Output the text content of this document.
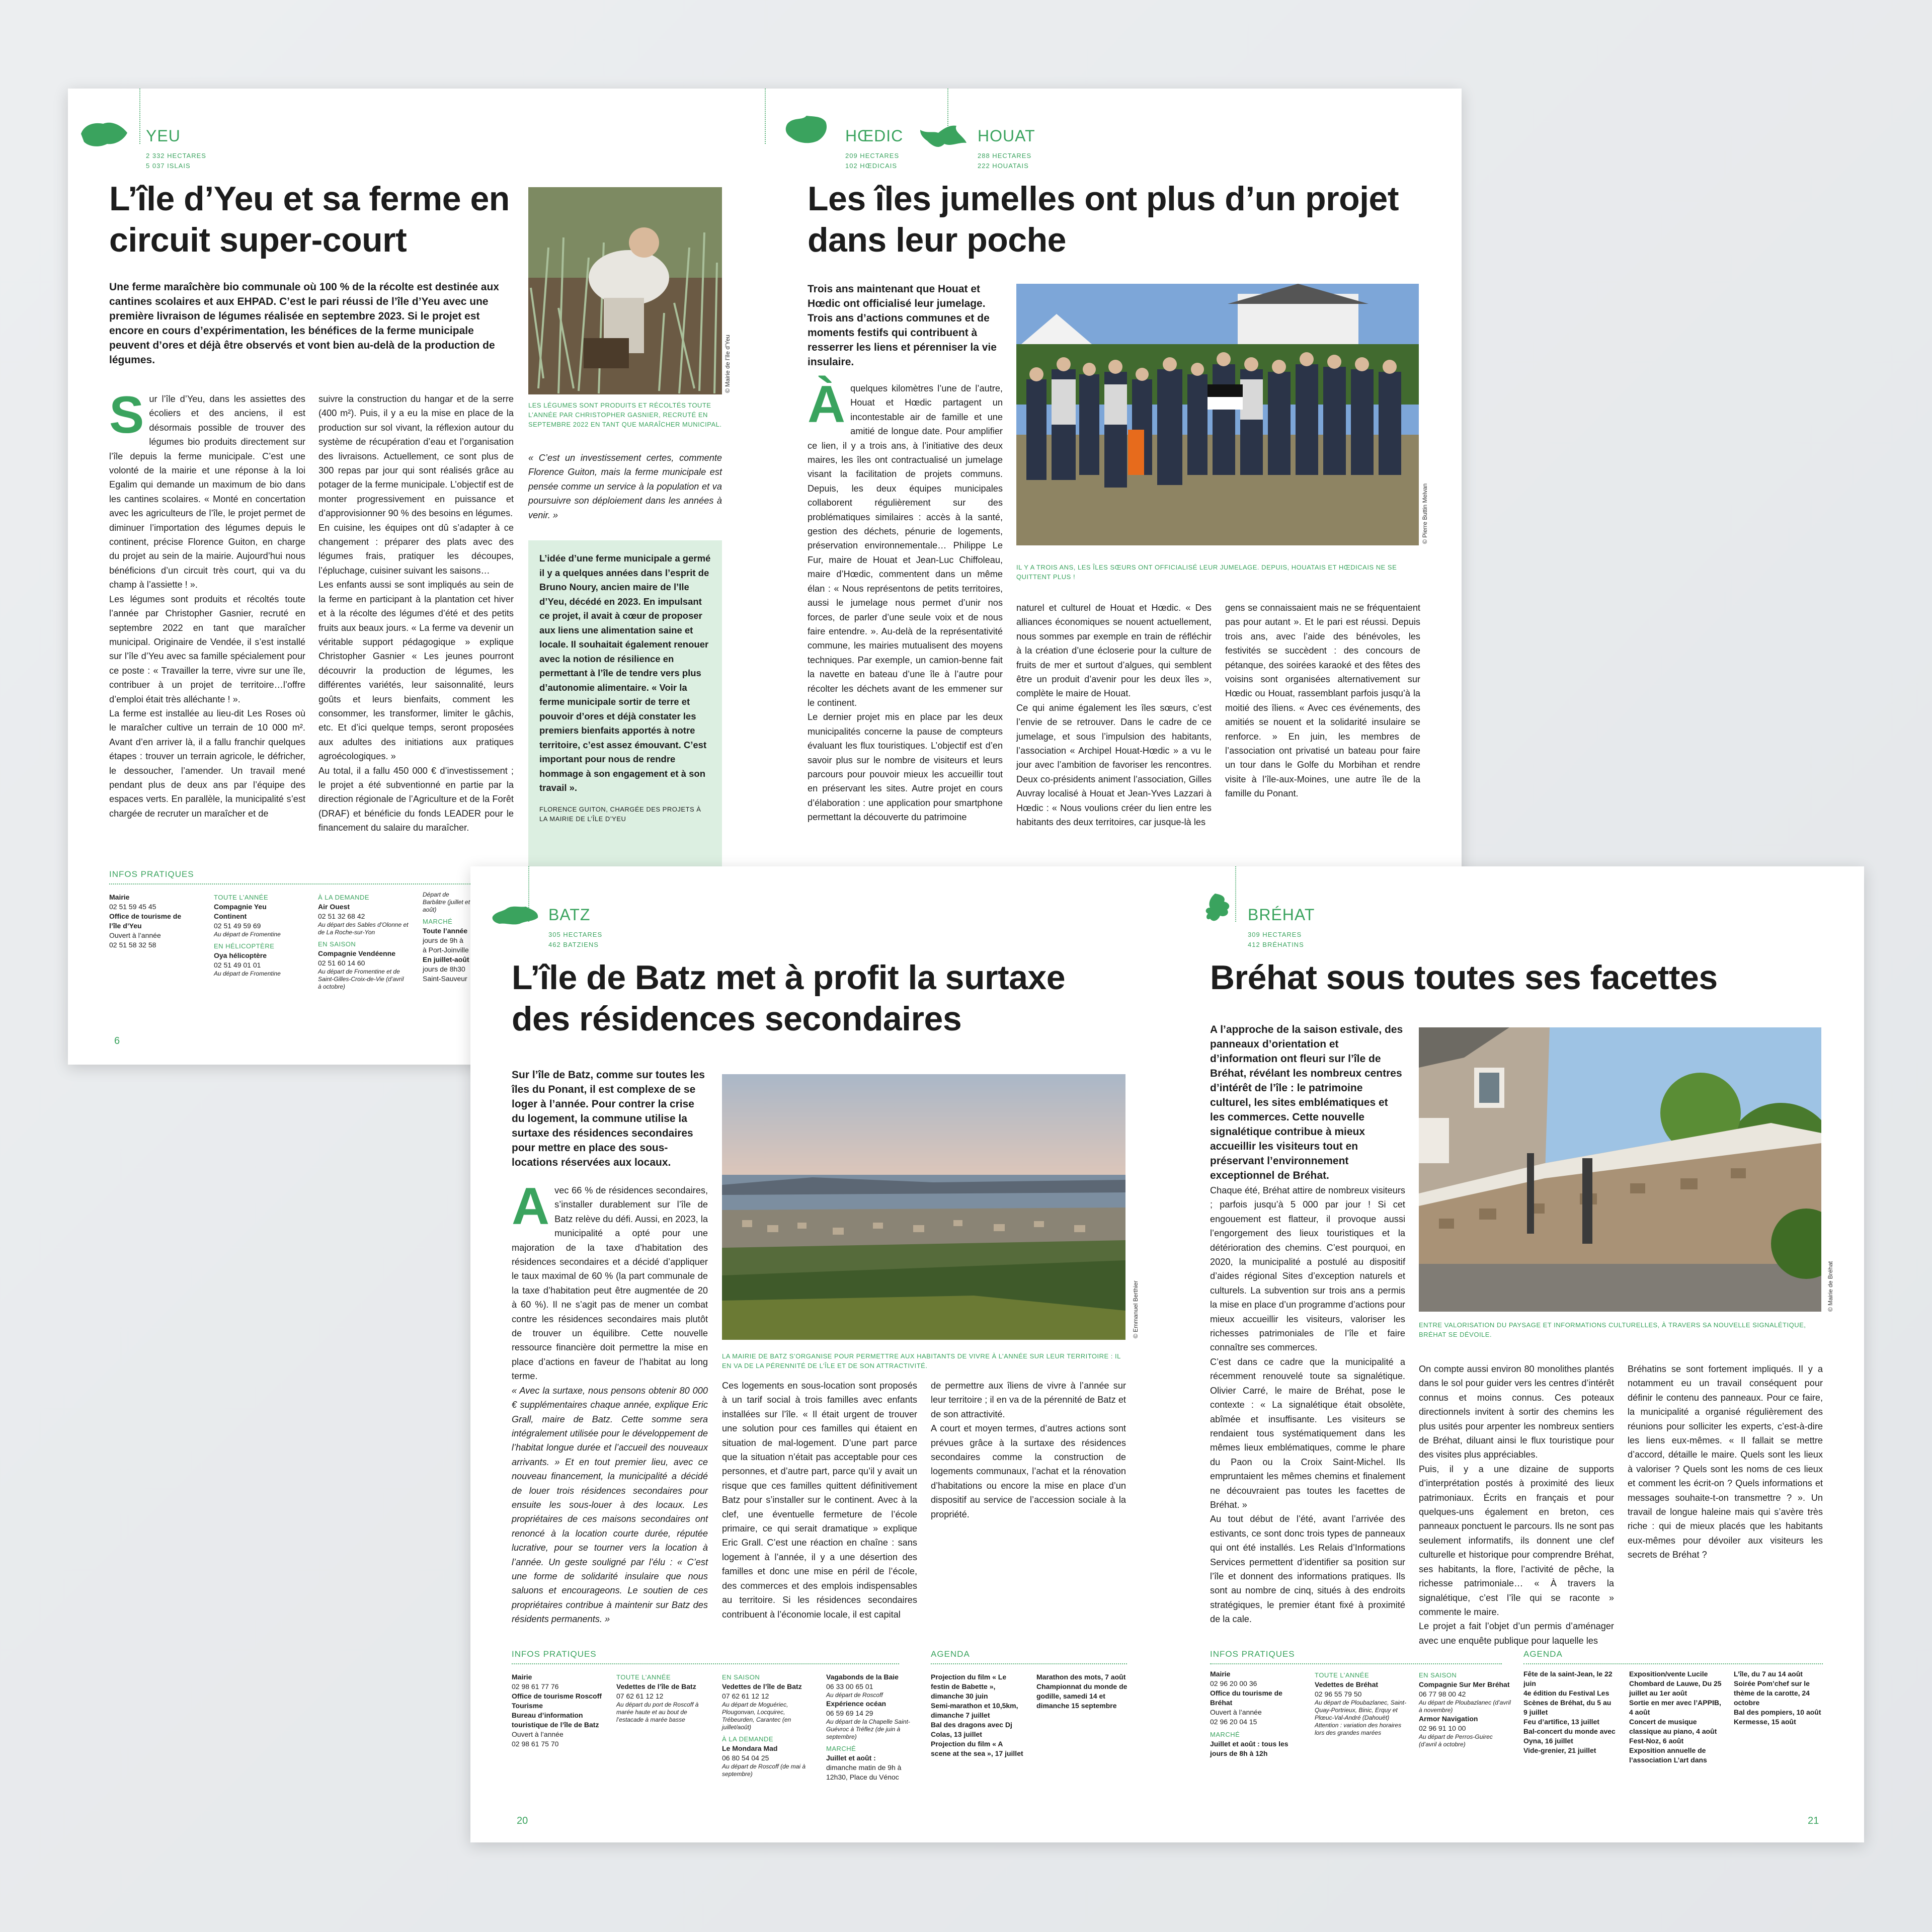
YEU
2 332 HECTARES
5 037 ISLAIS
L’île d’Yeu et sa ferme en circuit super-court
Une ferme maraîchère bio communale où 100 % de la récolte est destinée aux cantines scolaires et aux EHPAD. C’est le pari réussi de l’île d’Yeu avec une première livraison de légumes réalisée en septembre 2023. Si le projet est encore en cours d’expérimentation, les bénéfices de la ferme municipale peuvent d’ores et déjà être observés et vont bien au-delà de la production de légumes.
S ur l’île d’Yeu, dans les assiettes des écoliers et des anciens, il est désormais possible de trouver des légumes bio produits directement sur l’île depuis la ferme municipale. C’est une volonté de la mairie et une réponse à la loi Egalim qui demande un maximum de bio dans les cantines scolaires. « Monté en concertation avec les agriculteurs de l’île, le projet permet de diminuer l’importation des légumes depuis le continent, précise Florence Guiton, en charge du projet au sein de la mairie. Aujourd’hui nous bénéficions d’un circuit très court, qui va du champ à l’assiette ! ».

Les légumes sont produits et récoltés toute l’année par Christopher Gasnier, recruté en septembre 2022 en tant que maraîcher municipal. Originaire de Vendée, il s’est installé sur l’île d’Yeu avec sa famille spécialement pour ce poste : « Travailler la terre, vivre sur une île, contribuer à un projet de territoire…l’offre d’emploi était très alléchante ! ».

La ferme est installée au lieu-dit Les Roses où le maraîcher cultive un terrain de 10 000 m². Avant d’en arriver là, il a fallu franchir quelques étapes : trouver un terrain agricole, le défricher, le dessoucher, l’amender. Un travail mené pendant plus de deux ans par l’équipe des espaces verts. En parallèle, la municipalité s’est chargée de recruter un maraîcher et de

suivre la construction du hangar et de la serre (400 m²). Puis, il y a eu la mise en place de la production sur sol vivant, la réflexion autour du système de récupération d’eau et l’organisation des livraisons. Actuellement, ce sont plus de 300 repas par jour qui sont réalisés grâce au potager de la ferme municipale. L’objectif est de monter progressivement en puissance et d’approvisionner 90 % des besoins en légumes.

En cuisine, les équipes ont dû s’adapter à ce changement : préparer des plats avec des légumes frais, pratiquer les découpes, l’épluchage, cuisiner suivant les saisons…

Les enfants aussi se sont impliqués au sein de la ferme en participant à la plantation cet hiver et à la récolte des légumes d’été et des petits fruits aux beaux jours. « La ferme va devenir un véritable support pédagogique » explique Christopher Gasnier « Les jeunes pourront découvrir la production de légumes, les différentes variétés, leur saisonnalité, leurs goûts et leurs bienfaits, comment les consommer, les transformer, limiter le gâchis, etc. Et d’ici quelque temps, seront proposées aux adultes des initiations aux pratiques agroécologiques. »

Au total, il a fallu 450 000 € d’investissement ; le projet a été subventionné en partie par la direction régionale de l’Agriculture et de la Forêt (DRAF) et bénéficie du fonds LEADER pour le financement du salaire du maraîcher.

© Mairie de l’île d’Yeu
LES LÉGUMES SONT PRODUITS ET RÉCOLTÉS TOUTE L’ANNÉE PAR CHRISTOPHER GASNIER, RECRUTÉ EN SEPTEMBRE 2022 EN TANT QUE MARAÎCHER MUNICIPAL.
« C’est un investissement certes, commente Florence Guiton, mais la ferme municipale est pensée comme un service à la population et va poursuivre son déploiement dans les années à venir. »
L’idée d’une ferme municipale a germé il y a quelques années dans l’esprit de Bruno Noury, ancien maire de l’Ile d’Yeu, décédé en 2023. En impulsant ce projet, il avait à cœur de proposer aux liens une alimentation saine et locale. Il souhaitait également renouer avec la notion de résilience en permettant à l’île de tendre vers plus d’autonomie alimentaire. « Voir la ferme municipale sortir de terre et pouvoir d’ores et déjà constater les premiers bienfaits apportés à notre territoire, c’est assez émouvant. C’est important pour nous de rendre hommage à son engagement et à son travail ».
FLORENCE GUITON, CHARGÉE DES PROJETS À LA MAIRIE DE L’ÎLE D’YEU
INFOS PRATIQUES
Mairie
02 51 59 45 45
Office de tourisme de l’île d’Yeu
Ouvert à l’année
02 51 58 32 58
TOUTE L’ANNÉE
Compagnie Yeu Continent
02 51 49 59 69
Au départ de Fromentine
EN HÉLICOPTÈRE
Oya hélicoptère
02 51 49 01 01
Au départ de Fromentine
À LA DEMANDE
Air Ouest
02 51 32 68 42
Au départ des Sables d’Olonne et de La Roche-sur-Yon
EN SAISON
Compagnie Vendéenne
02 51 60 14 60
Au départ de Fromentine et de Saint-Gilles-Croix-de-Vie (d’avril à octobre)
Départ de Barbâtre (juillet et août)
MARCHÉ
Toute l’année
jours de 9h à
à Port-Joinville
En juillet-août
jours de 8h30
Saint-Sauveur
6
HŒDIC
209 HECTARES
102 HŒDICAIS
HOUAT
288 HECTARES
222 HOUATAIS
Les îles jumelles ont plus d’un projet dans leur poche
Trois ans maintenant que Houat et Hœdic ont officialisé leur jumelage. Trois ans d’actions communes et de moments festifs qui contribuent à resserrer les liens et pérenniser la vie insulaire.
© Pierre Buttin Melvan
IL Y A TROIS ANS, LES ÎLES SŒURS ONT OFFICIALISÉ LEUR JUMELAGE. DEPUIS, HOUATAIS ET HŒDICAIS NE SE QUITTENT PLUS !
À quelques kilomètres l’une de l’autre, Houat et Hœdic partagent un incontestable air de famille et une amitié de longue date. Pour amplifier ce lien, il y a trois ans, à l’initiative des deux maires, les îles ont contractualisé un jumelage visant la facilitation de projets communs. Depuis, les deux équipes municipales collaborent régulièrement sur des problématiques similaires : accès à la santé, gestion des déchets, pénurie de logements, préservation environnementale… Philippe Le Fur, maire de Houat et Jean-Luc Chiffoleau, maire d’Hœdic, commentent dans un même élan : « Nous représentons de petits territoires, aussi le jumelage nous permet d’unir nos forces, de parler d’une seule voix et de nous faire entendre. ». Au-delà de la représentativité commune, les mairies mutualisent des moyens techniques. Par exemple, un camion-benne fait la navette en bateau d’une île à l’autre pour récolter les déchets avant de les emmener sur le continent.

Le dernier projet mis en place par les deux municipalités concerne la pause de compteurs évaluant les flux touristiques. L’objectif est d’en savoir plus sur le nombre de visiteurs et leurs parcours pour pouvoir mieux les accueillir tout en préservant les sites. Autre projet en cours d’élaboration : une application pour smartphone permettant la découverte du patrimoine

naturel et culturel de Houat et Hœdic. « Des alliances économiques se nouent actuellement, nous sommes par exemple en train de réfléchir à la création d’une écloserie pour la culture de fruits de mer et surtout d’algues, qui semblent être un produit d’avenir pour les deux îles », complète le maire de Houat.

Ce qui anime également les îles sœurs, c’est l’envie de se retrouver. Dans le cadre de ce jumelage, et sous l’impulsion des habitants, l’association « Archipel Houat-Hœdic » a vu le jour avec l’ambition de favoriser les rencontres. Deux co-présidents animent l’association, Gilles Auvray localisé à Houat et Jean-Yves Lazzari à Hœdic : « Nous voulions créer du lien entre les habitants des deux territoires, car jusque-là les

gens se connaissaient mais ne se fréquentaient pas pour autant ». Et le pari est réussi. Depuis trois ans, avec l’aide des bénévoles, les festivités se succèdent : des concours de pétanque, des soirées karaoké et des fêtes des voisins sont organisées alternativement sur Hœdic ou Houat, rassemblant parfois jusqu’à la moitié des îliens. « Avec ces événements, des amitiés se nouent et la solidarité insulaire se renforce. » En juin, les membres de l’association ont privatisé un bateau pour faire un tour dans le Golfe du Morbihan et rendre visite à l’île-aux-Moines, une autre île de la famille du Ponant.
BATZ
305 HECTARES
462 BATZIENS
L’île de Batz met à profit la surtaxe des résidences secondaires
Sur l’île de Batz, comme sur toutes les îles du Ponant, il est complexe de se loger à l’année. Pour contrer la crise du logement, la commune utilise la surtaxe des résidences secondaires pour mettre en place des sous-locations réservées aux locaux.
© Emmanuel Berthier
LA MAIRIE DE BATZ S’ORGANISE POUR PERMETTRE AUX HABITANTS DE VIVRE À L’ANNÉE SUR LEUR TERRITOIRE : IL EN VA DE LA PÉRENNITÉ DE L’ÎLE ET DE SON ATTRACTIVITÉ.
A vec 66 % de résidences secondaires, s’installer durablement sur l’île de Batz relève du défi. Aussi, en 2023, la municipalité a opté pour une majoration de la taxe d’habitation des résidences secondaires et a décidé d’appliquer le taux maximal de 60 % (la part communale de la taxe d’habitation peut être augmentée de 20 à 60 %). Il ne s’agit pas de mener un combat contre les résidences secondaires mais plutôt de trouver un équilibre. Cette nouvelle ressource financière doit permettre la mise en place d’actions en faveur de l’habitat au long terme.

« Avec la surtaxe, nous pensons obtenir 80 000 € supplémentaires chaque année, explique Eric Grall, maire de Batz. Cette somme sera intégralement utilisée pour le développement de l’habitat longue durée et l’accueil des nouveaux arrivants. » Et en tout premier lieu, avec ce nouveau financement, la municipalité a décidé de louer trois résidences secondaires pour ensuite les sous-louer à des locaux. Les propriétaires de ces maisons secondaires ont renoncé à la location courte durée, réputée lucrative, pour se tourner vers la location à l’année. Un geste souligné par l’élu : « C’est une forme de solidarité insulaire que nous saluons et encourageons. Le soutien de ces propriétaires contribue à maintenir sur Batz des résidents permanents. »

Ces logements en sous-location sont proposés à un tarif social à trois familles avec enfants installées sur l’île. « Il était urgent de trouver une solution pour ces familles qui étaient en situation de mal-logement. D’une part parce que la situation n’était pas acceptable pour ces personnes, et d’autre part, parce qu’il y avait un risque que ces familles quittent définitivement Batz pour s’installer sur le continent. Avec à la clef, une éventuelle fermeture de l’école primaire, ce qui serait dramatique » explique Eric Grall. C’est une réaction en chaîne : sans logement à l’année, il y a une désertion des familles et donc une mise en péril de l’école, des commerces et des emplois indispensables au territoire. Si les résidences secondaires contribuent à l’économie locale, il est capital

de permettre aux îliens de vivre à l’année sur leur territoire ; il en va de la pérennité de Batz et de son attractivité.

A court et moyen termes, d’autres actions sont prévues grâce à la surtaxe des résidences secondaires comme la construction de logements communaux, l’achat et la rénovation d’habitations ou encore la mise en place d’un dispositif au service de l’accession sociale à la propriété.

INFOS PRATIQUES	AGENDA
Mairie
02 98 61 77 76
Office de tourisme Roscoff Tourisme
Bureau d’information touristique de l’île de Batz
Ouvert à l’année
02 98 61 75 70
TOUTE L’ANNÉE
Vedettes de l’île de Batz
07 62 61 12 12
Au départ du port de Roscoff à marée haute et au bout de l’estacade à marée basse
EN SAISON
Vedettes de l’île de Batz
07 62 61 12 12
Au départ de Moguériec, Plougonvan, Locquirec, Trébeurden, Carantec (en juillet/août)
À LA DEMANDE
Le Mondara Mad
06 80 54 04 25
Au départ de Roscoff (de mai à septembre)
Vagabonds de la Baie
06 33 00 65 01
Au départ de Roscoff
Expérience océan
06 59 69 14 29
Au départ de la Chapelle Saint-Guévroc à Tréflez (de juin à septembre)
MARCHÉ
Juillet et août :
dimanche matin de 9h à 12h30, Place du Vénoc
Projection du film « Le festin de Babette », dimanche 30 juin
Semi-marathon et 10,5km, dimanche 7 juillet
Bal des dragons avec Dj Colas, 13 juillet
Projection du film « A scene at the sea », 17 juillet
Marathon des mots, 7 août
Championnat du monde de godille, samedi 14 et dimanche 15 septembre
20
BRÉHAT
309 HECTARES
412 BRÉHATINS
Bréhat sous toutes ses facettes
A l’approche de la saison estivale, des panneaux d’orientation et d’information ont fleuri sur l’île de Bréhat, révélant les nombreux centres d’intérêt de l’île : le patrimoine culturel, les sites emblématiques et les commerces. Cette nouvelle signalétique contribue à mieux accueillir les visiteurs tout en préservant l’environnement exceptionnel de Bréhat.
© Mairie de Bréhat
ENTRE VALORISATION DU PAYSAGE ET INFORMATIONS CULTURELLES, À TRAVERS SA NOUVELLE SIGNALÉTIQUE, BRÉHAT SE DÉVOILE.

Chaque été, Bréhat attire de nombreux visiteurs ; parfois jusqu’à 5 000 par jour ! Si cet engouement est flatteur, il provoque aussi l’engorgement des lieux touristiques et la détérioration des chemins. C’est pourquoi, en 2020, la municipalité a postulé au dispositif d’aides régional Sites d’exception naturels et culturels. La subvention sur trois ans a permis la mise en place d’un programme d’actions pour mieux accueillir les visiteurs, valoriser les richesses patrimoniales de l’île et faire connaître ses commerces.

C’est dans ce cadre que la municipalité a récemment renouvelé toute sa signalétique. Olivier Carré, le maire de Bréhat, pose le contexte : « La signalétique était obsolète, abîmée et insuffisante. Les visiteurs se rendaient tous systématiquement dans les mêmes lieux emblématiques, comme le phare du Paon ou la Croix Saint-Michel. Ils empruntaient les mêmes chemins et finalement ne découvraient pas toutes les facettes de Bréhat. »

Au tout début de l’été, avant l’arrivée des estivants, ce sont donc trois types de panneaux qui ont été installés. Les Relais d’Informations Services permettent d’identifier sa position sur l’île et donnent des informations pratiques. Ils sont au nombre de cinq, situés à des endroits stratégiques, le premier étant fixé à proximité de la cale.

On compte aussi environ 80 monolithes plantés dans le sol pour guider vers les centres d’intérêt connus et moins connus. Ces poteaux directionnels invitent à sortir des chemins les plus usités pour arpenter les nombreux sentiers de Bréhat, diluant ainsi le flux touristique pour des visites plus appréciables.

Puis, il y a une dizaine de supports d’interprétation postés à proximité des lieux patrimoniaux. Écrits en français et pour quelques-uns également en breton, ces panneaux ponctuent le parcours. Ils ne sont pas seulement informatifs, ils donnent une clef culturelle et historique pour comprendre Bréhat, ses habitants, la flore, l’activité de pêche, la richesse patrimoniale… « À travers la signalétique, c’est l’île qui se raconte » commente le maire.

Le projet a fait l’objet d’un permis d’aménager avec une enquête publique pour laquelle les

Bréhatins se sont fortement impliqués. Il y a notamment eu un travail conséquent pour définir le contenu des panneaux. Pour ce faire, la municipalité a organisé régulièrement des réunions pour solliciter les experts, c’est-à-dire les liens eux-mêmes. « Il fallait se mettre d’accord, détaille le maire. Quels sont les lieux à valoriser ? Quels sont les noms de ces lieux et comment les écrit-on ? Quels informations et messages souhaite-t-on transmettre ? ». Un travail de longue haleine mais qui s’avère très riche : qui de mieux placés que les habitants eux-mêmes pour dévoiler aux visiteurs les secrets de Bréhat ?
INFOS PRATIQUES	AGENDA
Mairie
02 96 20 00 36
Office du tourisme de Bréhat
Ouvert à l’année
02 96 20 04 15
MARCHÉ
Juillet et août : tous les jours de 8h à 12h
TOUTE L’ANNÉE
Vedettes de Bréhat
02 96 55 79 50
Au départ de Ploubazlanec, Saint-Quay-Portrieux, Binic, Erquy et Plœuc-Val-André (Dahouët)
Attention : variation des horaires lors des grandes marées
EN SAISON
Compagnie Sur Mer Bréhat
06 77 98 00 42
Au départ de Ploubazlanec (d’avril à novembre)
Armor Navigation
02 96 91 10 00
Au départ de Perros-Guirec (d’avril à octobre)
Fête de la saint-Jean, le 22 juin
4e édition du Festival Les Scènes de Bréhat, du 5 au 9 juillet
Feu d’artifice, 13 juillet
Bal-concert du monde avec Oyna, 16 juillet
Vide-grenier, 21 juillet
Exposition/vente Lucile Chombard de Lauwe, Du 25 juillet au 1er août
Sortie en mer avec l’APPIB, 4 août
Concert de musique classique au piano, 4 août
Fest-Noz, 6 août
Exposition annuelle de l’association L’art dans
L’île, du 7 au 14 août
Soirée Pom’chef sur le thème de la carotte, 24 octobre
Bal des pompiers, 10 août
Kermesse, 15 août
21
